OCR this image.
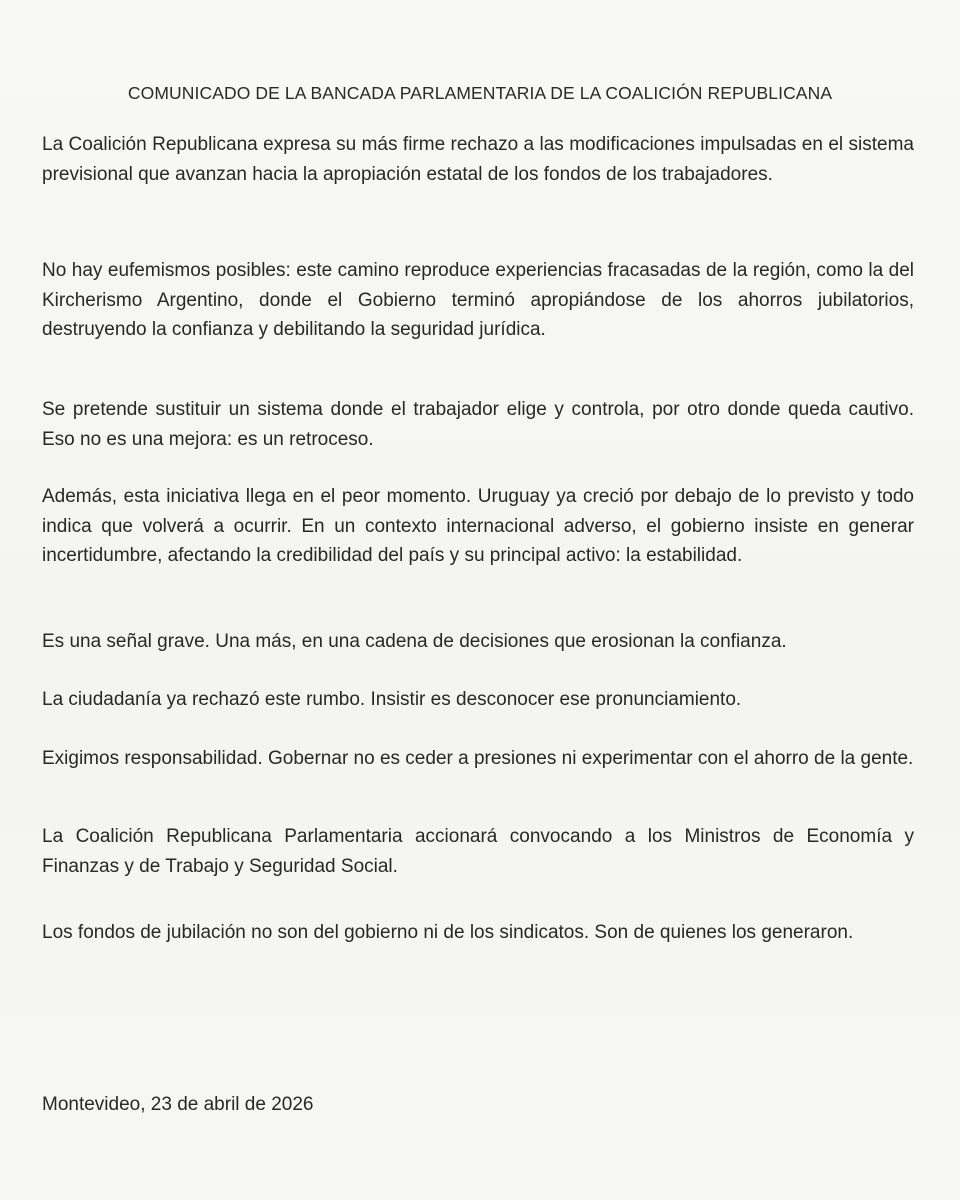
COMUNICADO DE LA BANCADA PARLAMENTARIA DE LA COALICIÓN REPUBLICANA

La Coalición Republicana expresa su más firme rechazo a las modificaciones impulsadas en el sistema previsional que avanzan hacia la apropiación estatal de los fondos de los trabajadores.

No hay eufemismos posibles: este camino reproduce experiencias fracasadas de la región, como la del Kircherismo Argentino, donde el Gobierno terminó apropiándose de los ahorros jubilatorios, destruyendo la confianza y debilitando la seguridad jurídica.

Se pretende sustituir un sistema donde el trabajador elige y controla, por otro donde queda cautivo. Eso no es una mejora: es un retroceso.

Además, esta iniciativa llega en el peor momento. Uruguay ya creció por debajo de lo previsto y todo indica que volverá a ocurrir. En un contexto internacional adverso, el gobierno insiste en generar incertidumbre, afectando la credibilidad del país y su principal activo: la estabilidad.

Es una señal grave. Una más, en una cadena de decisiones que erosionan la confianza.

La ciudadanía ya rechazó este rumbo. Insistir es desconocer ese pronunciamiento.

Exigimos responsabilidad. Gobernar no es ceder a presiones ni experimentar con el ahorro de la gente.

La Coalición Republicana Parlamentaria accionará convocando a los Ministros de Economía y Finanzas y de Trabajo y Seguridad Social.

Los fondos de jubilación no son del gobierno ni de los sindicatos. Son de quienes los generaron.

Montevideo, 23 de abril de 2026
